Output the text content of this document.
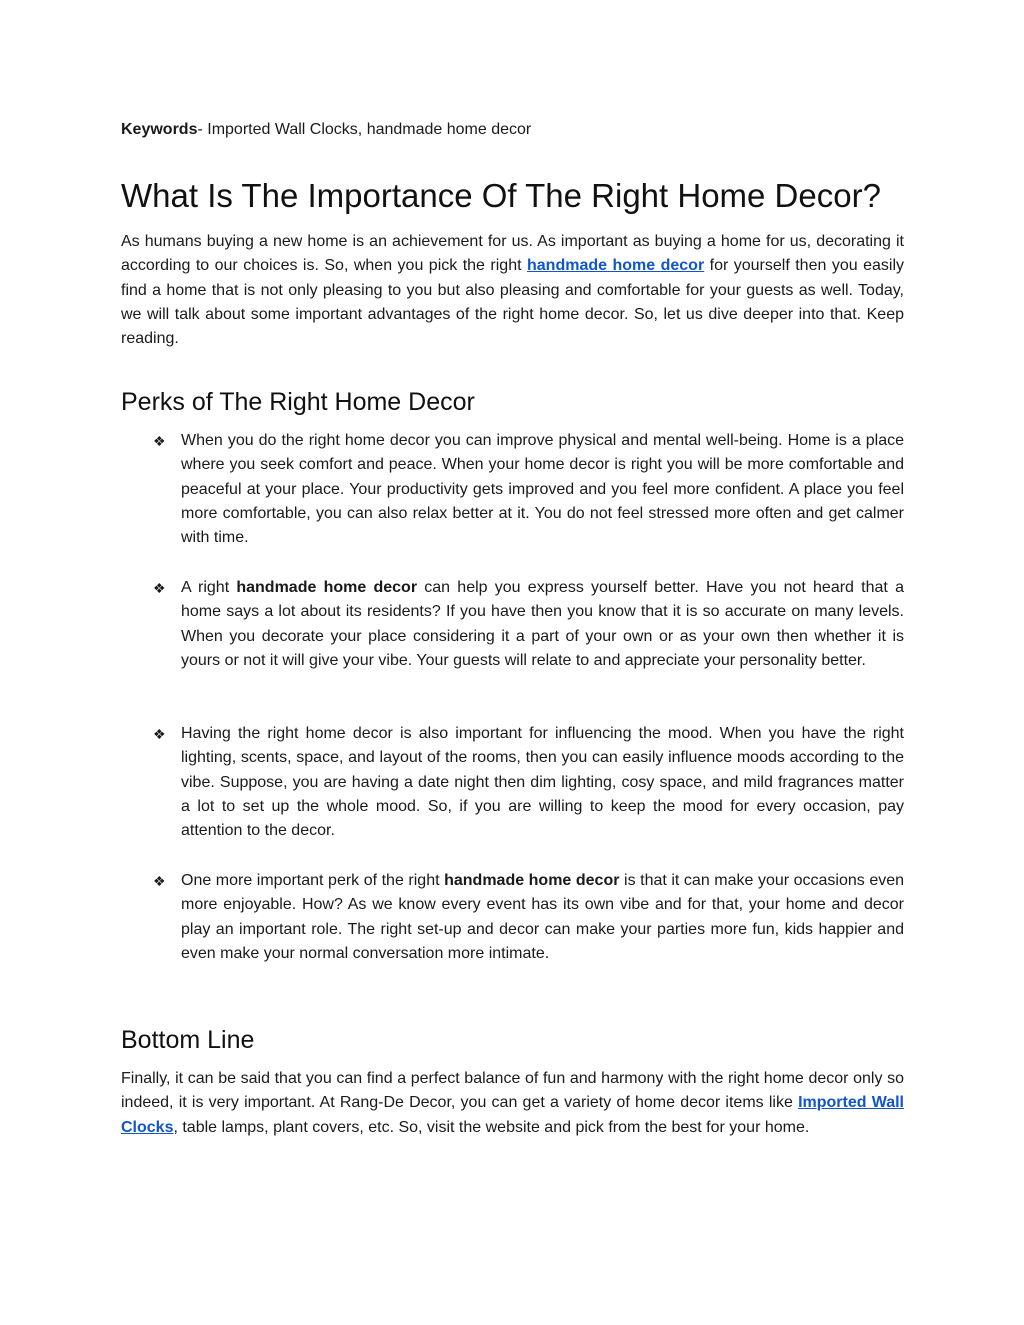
Keywords- Imported Wall Clocks, handmade home decor
What Is The Importance Of The Right Home Decor?

As humans buying a new home is an achievement for us. As important as buying a home for us, decorating it according to our choices is. So, when you pick the right handmade home decor for yourself then you easily find a home that is not only pleasing to you but also pleasing and comfortable for your guests as well. Today, we will talk about some important advantages of the right home decor. So, let us dive deeper into that. Keep reading.

Perks of The Right Home Decor
❖ When you do the right home decor you can improve physical and mental well-being. Home is a place where you seek comfort and peace. When your home decor is right you will be more comfortable and peaceful at your place. Your productivity gets improved and you feel more confident. A place you feel more comfortable, you can also relax better at it. You do not feel stressed more often and get calmer with time.

❖ A right handmade home decor can help you express yourself better. Have you not heard that a home says a lot about its residents? If you have then you know that it is so accurate on many levels. When you decorate your place considering it a part of your own or as your own then whether it is yours or not it will give your vibe. Your guests will relate to and appreciate your personality better.

❖ Having the right home decor is also important for influencing the mood. When you have the right lighting, scents, space, and layout of the rooms, then you can easily influence moods according to the vibe. Suppose, you are having a date night then dim lighting, cosy space, and mild fragrances matter a lot to set up the whole mood. So, if you are willing to keep the mood for every occasion, pay attention to the decor.

❖ One more important perk of the right handmade home decor is that it can make your occasions even more enjoyable. How? As we know every event has its own vibe and for that, your home and decor play an important role. The right set-up and decor can make your parties more fun, kids happier and even make your normal conversation more intimate.

Bottom Line

Finally, it can be said that you can find a perfect balance of fun and harmony with the right home decor only so indeed, it is very important. At Rang-De Decor, you can get a variety of home decor items like Imported Wall Clocks, table lamps, plant covers, etc. So, visit the website and pick from the best for your home.
